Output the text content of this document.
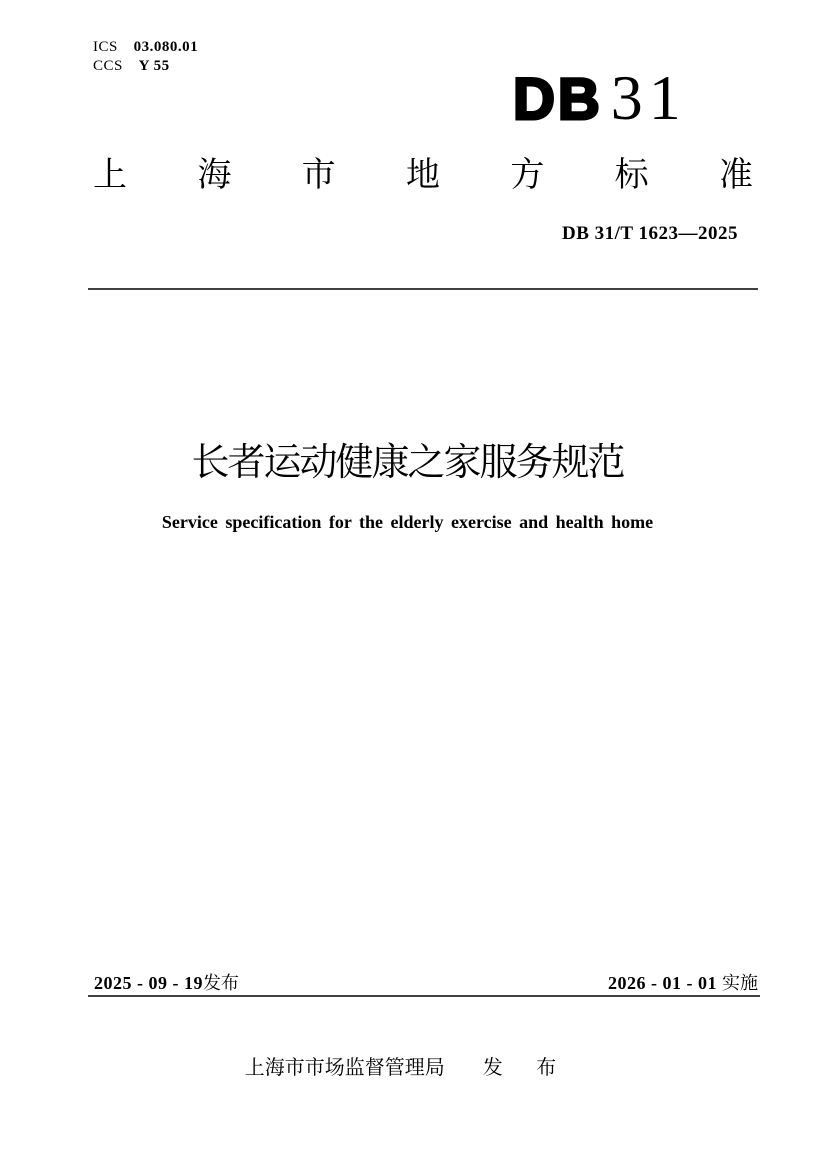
ICS 03.080.01
CCS Y 55
DB 31
上 海 市 地 方 标 准
DB 31/T 1623—2025
长者运动健康之家服务规范
Service specification for the elderly exercise and health home
2025 - 09 - 19 发布	2026 - 01 - 01 实施
上海市市场监督管理局 发 布
